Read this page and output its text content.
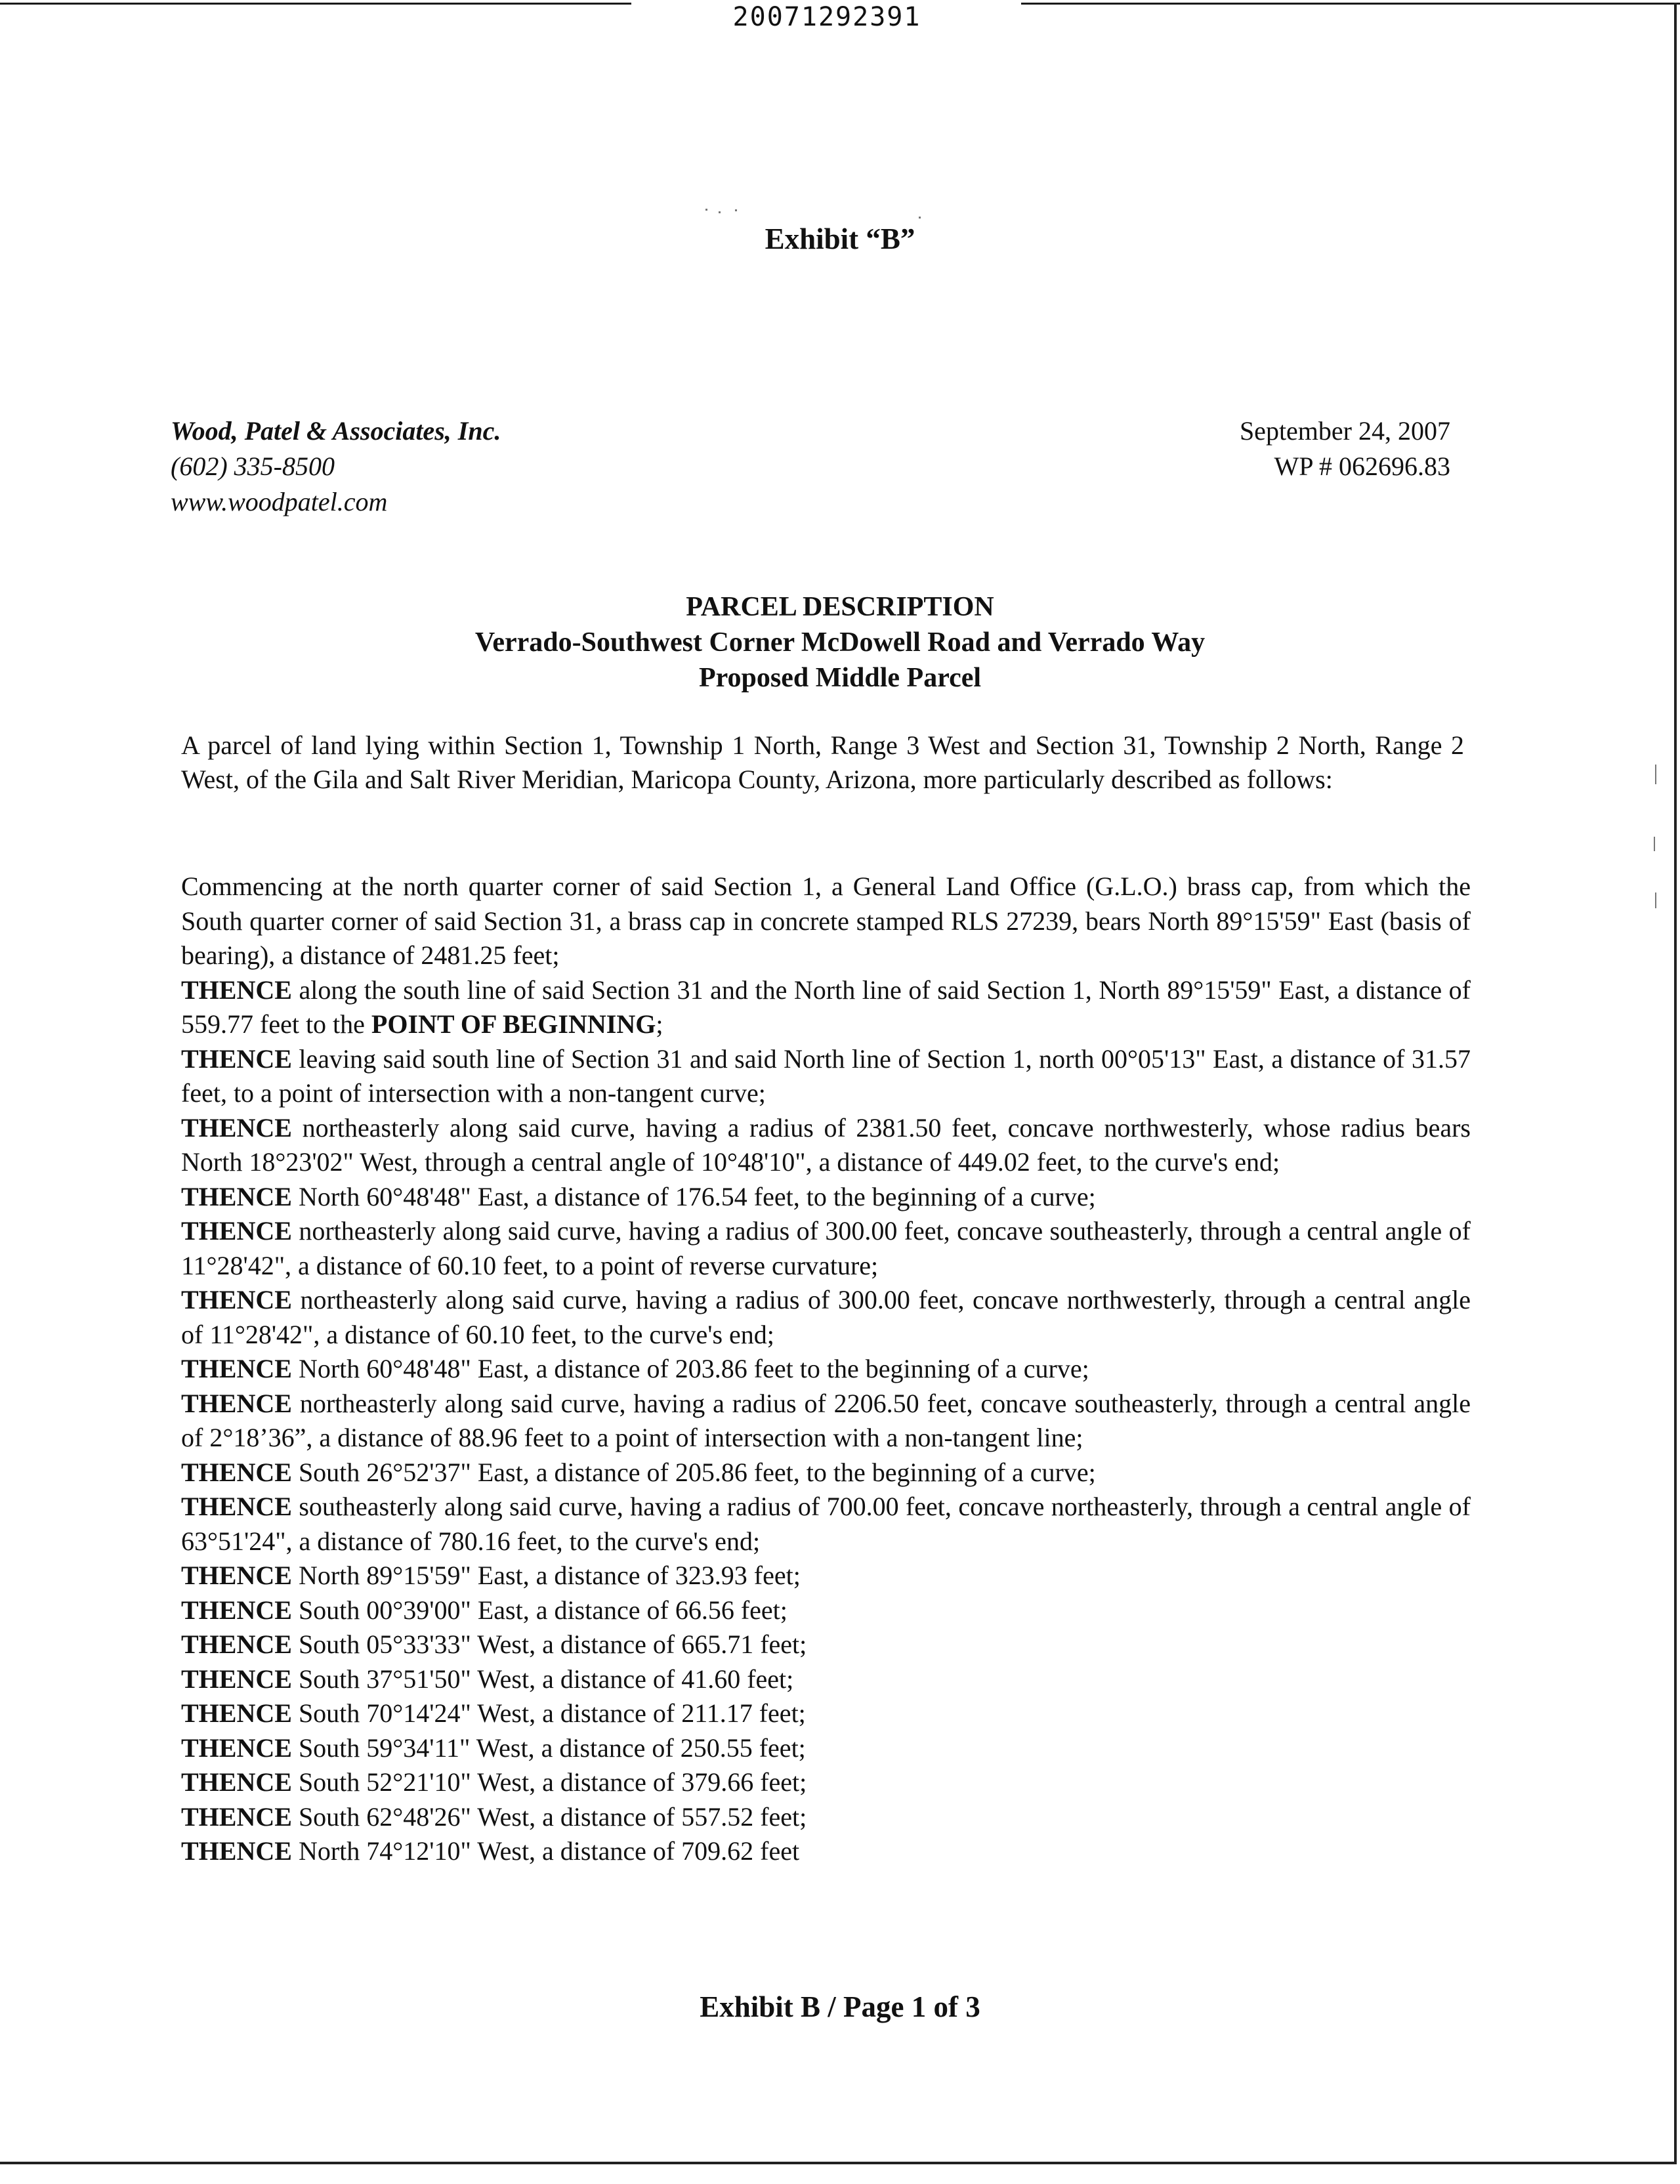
20071292391
Exhibit “B”
Wood, Patel & Associates, Inc.
(602) 335-8500
www.woodpatel.com
September 24, 2007
WP # 062696.83
PARCEL DESCRIPTION
Verrado-Southwest Corner McDowell Road and Verrado Way
Proposed Middle Parcel
A parcel of land lying within Section 1, Township 1 North, Range 3 West and Section 31, Township 2 North, Range 2 West, of the Gila and Salt River Meridian, Maricopa County, Arizona, more particularly described as follows:

Commencing at the north quarter corner of said Section 1, a General Land Office (G.L.O.) brass cap, from which the South quarter corner of said Section 31, a brass cap in concrete stamped RLS 27239, bears North 89°15'59" East (basis of bearing), a distance of 2481.25 feet;

THENCE along the south line of said Section 31 and the North line of said Section 1, North 89°15'59" East, a distance of 559.77 feet to the POINT OF BEGINNING;

THENCE leaving said south line of Section 31 and said North line of Section 1, north 00°05'13" East, a distance of 31.57 feet, to a point of intersection with a non-tangent curve;

THENCE northeasterly along said curve, having a radius of 2381.50 feet, concave northwesterly, whose radius bears North 18°23'02" West, through a central angle of 10°48'10", a distance of 449.02 feet, to the curve's end;

THENCE North 60°48'48" East, a distance of 176.54 feet, to the beginning of a curve;

THENCE northeasterly along said curve, having a radius of 300.00 feet, concave southeasterly, through a central angle of 11°28'42", a distance of 60.10 feet, to a point of reverse curvature;

THENCE northeasterly along said curve, having a radius of 300.00 feet, concave northwesterly, through a central angle of 11°28'42", a distance of 60.10 feet, to the curve's end;

THENCE North 60°48'48" East, a distance of 203.86 feet to the beginning of a curve;

THENCE northeasterly along said curve, having a radius of 2206.50 feet, concave southeasterly, through a central angle of 2°18’36”, a distance of 88.96 feet to a point of intersection with a non-tangent line;

THENCE South 26°52'37" East, a distance of 205.86 feet, to the beginning of a curve;

THENCE southeasterly along said curve, having a radius of 700.00 feet, concave northeasterly, through a central angle of 63°51'24", a distance of 780.16 feet, to the curve's end;

THENCE North 89°15'59" East, a distance of 323.93 feet;

THENCE South 00°39'00" East, a distance of 66.56 feet;

THENCE South 05°33'33" West, a distance of 665.71 feet;

THENCE South 37°51'50" West, a distance of 41.60 feet;

THENCE South 70°14'24" West, a distance of 211.17 feet;

THENCE South 59°34'11" West, a distance of 250.55 feet;

THENCE South 52°21'10" West, a distance of 379.66 feet;

THENCE South 62°48'26" West, a distance of 557.52 feet;

THENCE North 74°12'10" West, a distance of 709.62 feet

Exhibit B / Page 1 of 3
